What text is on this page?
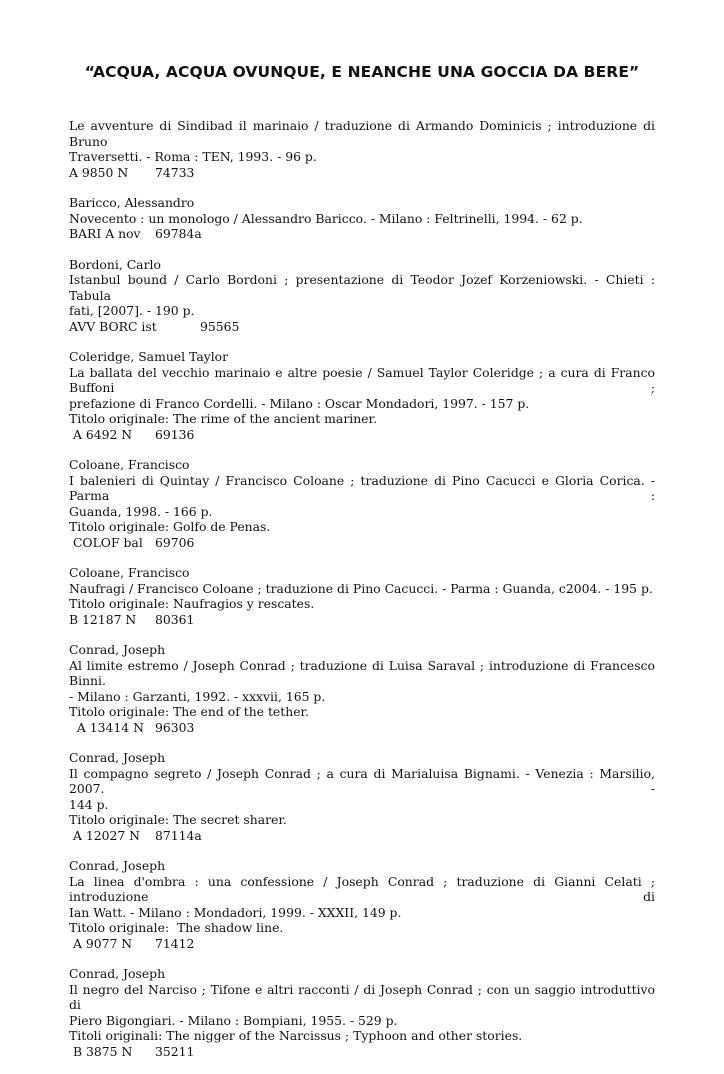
“ACQUA, ACQUA OVUNQUE, E NEANCHE UNA GOCCIA DA BERE”
Le avventure di Sindibad il marinaio / traduzione di Armando Dominicis ; introduzione di Bruno
Traversetti. - Roma : TEN, 1993. - 96 p.
A 9850 N 74733
Baricco, Alessandro
Novecento : un monologo / Alessandro Baricco. - Milano : Feltrinelli, 1994. - 62 p.
BARI A nov 69784a
Bordoni, Carlo
Istanbul bound / Carlo Bordoni ; presentazione di Teodor Jozef Korzeniowski. - Chieti : Tabula
fati, [2007]. - 190 p.
AVV BORC ist	95565
Coleridge, Samuel Taylor
La ballata del vecchio marinaio e altre poesie / Samuel Taylor Coleridge ; a cura di Franco Buffoni ;
prefazione di Franco Cordelli. - Milano : Oscar Mondadori, 1997. - 157 p.
Titolo originale: The rime of the ancient mariner.
A 6492 N 69136
Coloane, Francisco
I balenieri di Quintay / Francisco Coloane ; traduzione di Pino Cacucci e Gloria Corica. - Parma :
Guanda, 1998. - 166 p.
Titolo originale: Golfo de Penas.
COLOF bal 69706
Coloane, Francisco
Naufragi / Francisco Coloane ; traduzione di Pino Cacucci. - Parma : Guanda, c2004. - 195 p.
Titolo originale: Naufragios y rescates.
B 12187 N 80361
Conrad, Joseph
Al limite estremo / Joseph Conrad ; traduzione di Luisa Saraval ; introduzione di Francesco Binni.
- Milano : Garzanti, 1992. - xxxvii, 165 p.
Titolo originale: The end of the tether.
A 13414 N 96303
Conrad, Joseph
Il compagno segreto / Joseph Conrad ; a cura di Marialuisa Bignami. - Venezia : Marsilio, 2007. -
144 p.
Titolo originale: The secret sharer.
A 12027 N 87114a
Conrad, Joseph
La linea d'ombra : una confessione / Joseph Conrad ; traduzione di Gianni Celati ; introduzione di
Ian Watt. - Milano : Mondadori, 1999. - XXXII, 149 p.
Titolo originale:  The shadow line.
A 9077 N 71412
Conrad, Joseph
Il negro del Narciso ; Tifone e altri racconti / di Joseph Conrad ; con un saggio introduttivo di
Piero Bigongiari. - Milano : Bompiani, 1955. - 529 p.
Titoli originali: The nigger of the Narcissus ; Typhoon and other stories.
B 3875 N 35211
